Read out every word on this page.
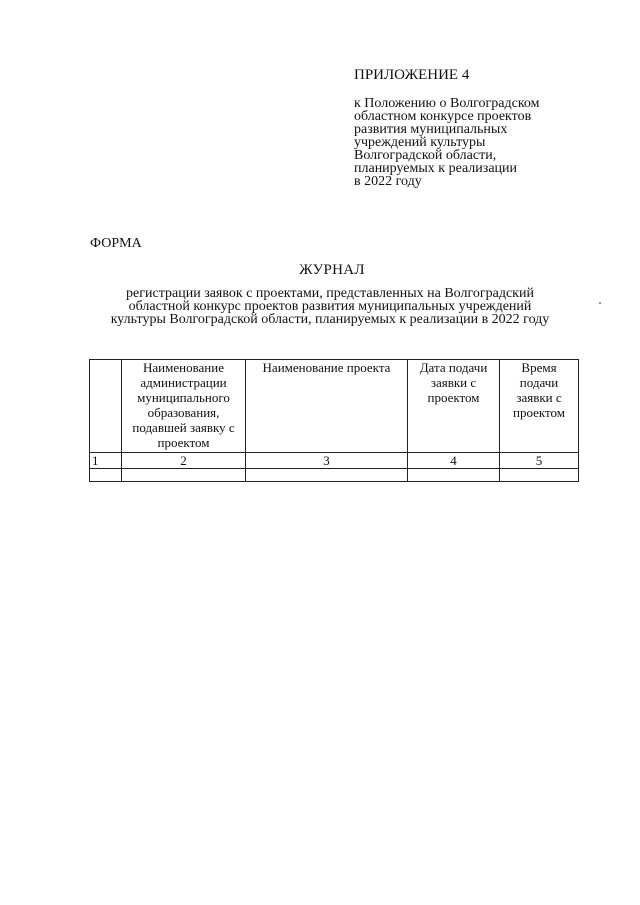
ПРИЛОЖЕНИЕ 4
к Положению о Волгоградском
областном конкурсе проектов
развития муниципальных
учреждений культуры
Волгоградской области,
планируемых к реализации
в 2022 году
ФОРМА
ЖУРНАЛ
регистрации заявок с проектами, представленных на Волгоградский
областной конкурс проектов развития муниципальных учреждений
культуры Волгоградской области, планируемых к реализации в 2022 году
	Наименование администрации муниципального образования, подавшей заявку с проектом	Наименование проекта	Дата подачи заявки с проектом	Время подачи заявки с проектом
1	2	3	4	5
